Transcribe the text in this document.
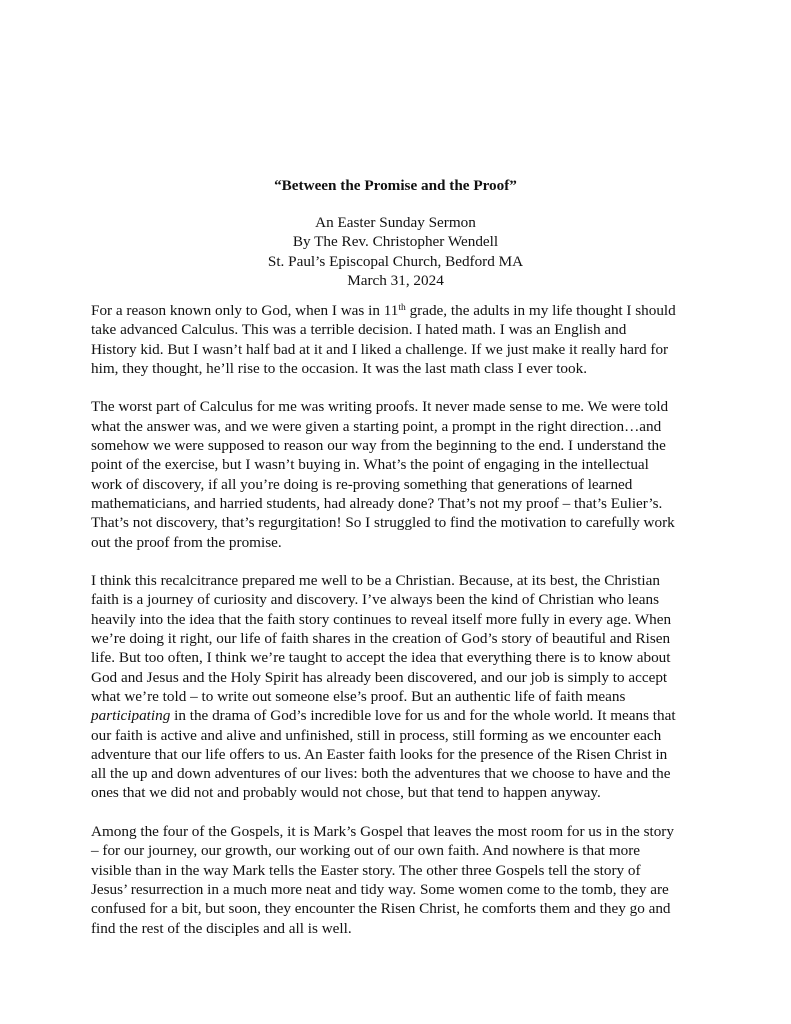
“Between the Promise and the Proof”
An Easter Sunday Sermon
By The Rev. Christopher Wendell
St. Paul’s Episcopal Church, Bedford MA
March 31, 2024

For a reason known only to God, when I was in 11th grade, the adults in my life thought I should
take advanced Calculus. This was a terrible decision. I hated math. I was an English and
History kid. But I wasn’t half bad at it and I liked a challenge. If we just make it really hard for
him, they thought, he’ll rise to the occasion. It was the last math class I ever took.

The worst part of Calculus for me was writing proofs. It never made sense to me. We were told
what the answer was, and we were given a starting point, a prompt in the right direction…and
somehow we were supposed to reason our way from the beginning to the end. I understand the
point of the exercise, but I wasn’t buying in. What’s the point of engaging in the intellectual
work of discovery, if all you’re doing is re-proving something that generations of learned
mathematicians, and harried students, had already done? That’s not my proof – that’s Eulier’s.
That’s not discovery, that’s regurgitation! So I struggled to find the motivation to carefully work
out the proof from the promise.

I think this recalcitrance prepared me well to be a Christian. Because, at its best, the Christian
faith is a journey of curiosity and discovery. I’ve always been the kind of Christian who leans
heavily into the idea that the faith story continues to reveal itself more fully in every age. When
we’re doing it right, our life of faith shares in the creation of God’s story of beautiful and Risen
life. But too often, I think we’re taught to accept the idea that everything there is to know about
God and Jesus and the Holy Spirit has already been discovered, and our job is simply to accept
what we’re told – to write out someone else’s proof. But an authentic life of faith means
participating in the drama of God’s incredible love for us and for the whole world. It means that
our faith is active and alive and unfinished, still in process, still forming as we encounter each
adventure that our life offers to us. An Easter faith looks for the presence of the Risen Christ in
all the up and down adventures of our lives: both the adventures that we choose to have and the
ones that we did not and probably would not chose, but that tend to happen anyway.

Among the four of the Gospels, it is Mark’s Gospel that leaves the most room for us in the story
– for our journey, our growth, our working out of our own faith. And nowhere is that more
visible than in the way Mark tells the Easter story. The other three Gospels tell the story of
Jesus’ resurrection in a much more neat and tidy way. Some women come to the tomb, they are
confused for a bit, but soon, they encounter the Risen Christ, he comforts them and they go and
find the rest of the disciples and all is well.
